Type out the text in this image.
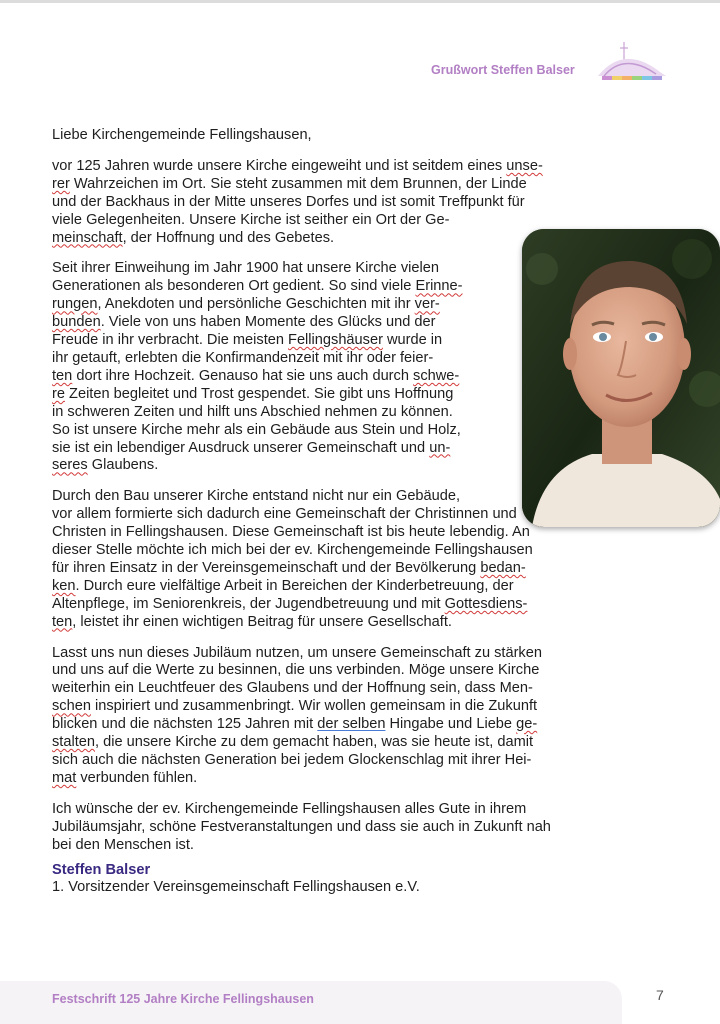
Grußwort Steffen Balser
Liebe Kirchengemeinde Fellingshausen,
vor 125 Jahren wurde unsere Kirche eingeweiht und ist seitdem eines unse-
rer Wahrzeichen im Ort. Sie steht zusammen mit dem Brunnen, der Linde
und der Backhaus in der Mitte unseres Dorfes und ist somit Treffpunkt für
viele Gelegenheiten. Unsere Kirche ist seither ein Ort der Ge-
meinschaft, der Hoffnung und des Gebetes.
Seit ihrer Einweihung im Jahr 1900 hat unsere Kirche vielen
Generationen als besonderen Ort gedient. So sind viele Erinne-
rungen, Anekdoten und persönliche Geschichten mit ihr ver-
bunden. Viele von uns haben Momente des Glücks und der
Freude in ihr verbracht. Die meisten Fellingshäuser wurde in
ihr getauft, erlebten die Konfirmandenzeit mit ihr oder feier-
ten dort ihre Hochzeit. Genauso hat sie uns auch durch schwe-
re Zeiten begleitet und Trost gespendet. Sie gibt uns Hoffnung
in schweren Zeiten und hilft uns Abschied nehmen zu können.
So ist unsere Kirche mehr als ein Gebäude aus Stein und Holz,
sie ist ein lebendiger Ausdruck unserer Gemeinschaft und un-
seres Glaubens.
Durch den Bau unserer Kirche entstand nicht nur ein Gebäude,
vor allem formierte sich dadurch eine Gemeinschaft der Christinnen und
Christen in Fellingshausen. Diese Gemeinschaft ist bis heute lebendig. An
dieser Stelle möchte ich mich bei der ev. Kirchengemeinde Fellingshausen
für ihren Einsatz in der Vereinsgemeinschaft und der Bevölkerung bedan-
ken. Durch eure vielfältige Arbeit in Bereichen der Kinderbetreuung, der
Altenpflege, im Seniorenkreis, der Jugendbetreuung und mit Gottesdiens-
ten, leistet ihr einen wichtigen Beitrag für unsere Gesellschaft.
Lasst uns nun dieses Jubiläum nutzen, um unsere Gemeinschaft zu stärken
und uns auf die Werte zu besinnen, die uns verbinden. Möge unsere Kirche
weiterhin ein Leuchtfeuer des Glaubens und der Hoffnung sein, dass Men-
schen inspiriert und zusammenbringt. Wir wollen gemeinsam in die Zukunft
blicken und die nächsten 125 Jahren mit der selben Hingabe und Liebe ge-
stalten, die unsere Kirche zu dem gemacht haben, was sie heute ist, damit
sich auch die nächsten Generation bei jedem Glockenschlag mit ihrer Hei-
mat verbunden fühlen.
Ich wünsche der ev. Kirchengemeinde Fellingshausen alles Gute in ihrem
Jubiläumsjahr, schöne Festveranstaltungen und dass sie auch in Zukunft nah
bei den Menschen ist.
Steffen Balser
1. Vorsitzender Vereinsgemeinschaft Fellingshausen e.V.
Festschrift 125 Jahre Kirche Fellingshausen	7
